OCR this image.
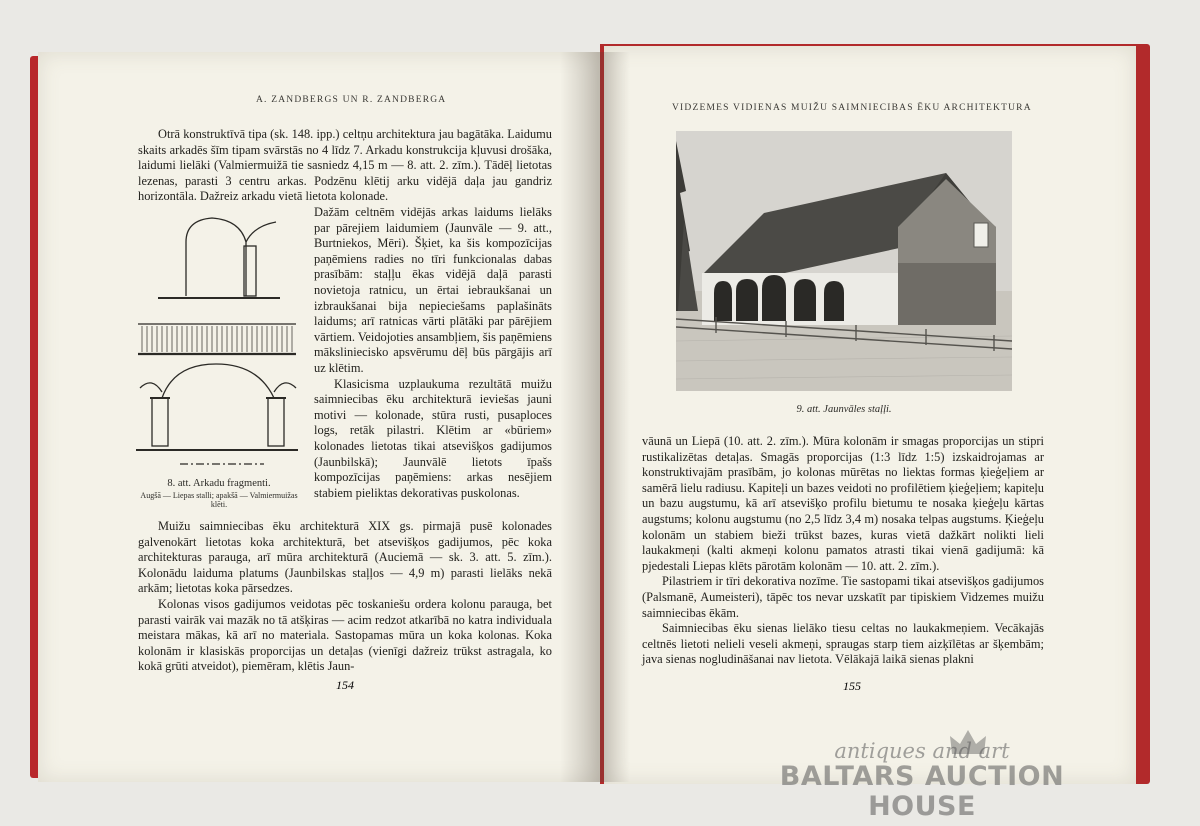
A. ZANDBERGS UN R. ZANDBERGA

Otrā konstruktīvā tipa (sk. 148. ipp.) celtņu architektura jau bagātāka. Laidumu skaits arkadēs šīm tipam svārstās no 4 līdz 7. Arkadu konstrukcija kļuvusi drošāka, laidumi lielāki (Valmiermuižā tie sasniedz 4,15 m — 8. att. 2. zīm.). Tādēļ lietotas lezenas, parasti 3 centru arkas. Podzēnu klētij arku vidējā daļa jau gandriz horizontāla. Dažreiz arkadu vietā lietota kolonade.

8. att. Arkadu fragmenti.
Augšā — Liepas stalli; apakšā — Valmiermuižas klēti.

Dažām celtnēm vidējās arkas laidums lielāks par pārejiem laidumiem (Jaunvāle — 9. att., Burtniekos, Mēri). Šķiet, ka šis kompozīcijas paņēmiens radies no tīri funkcionalas dabas prasībām: staļļu ēkas vidējā daļā parasti novietoja ratnicu, un ērtai iebraukšanai un izbraukšanai bija nepieciešams paplašināts laidums; arī ratnicas vārti plātāki par pārējiem vārtiem. Veidojoties ansambļiem, šis paņēmiens mākslinieciskо apsvērumu dēļ būs pārgājis arī uz klētim.

Klasicisma uzplaukuma rezultātā muižu saimniecibas ēku architekturā ieviešas jauni motivi — kolonade, stūra rusti, pusaploces logs, retāk pilastri. Klētim ar «būriem» kolonades lietotas tikai atsevišķos gadijumos (Jaunbilskā); Jaunvālē lietots īpašs kompozīcijas paņēmiens: arkas nesējiem stabiem pieliktas dekorativas puskolonas.

Muižu saimniecibas ēku architekturā XIX gs. pirmajā pusē kolonades galvenokārt lietotas koka architekturā, bet atsevišķos gadijumos, pēc koka architekturas parauga, arī mūra architekturā (Auciemā — sk. 3. att. 5. zīm.). Kolonādu laiduma platums (Jaunbilskas staļļos — 4,9 m) parasti lielāks nekā arkām; lietotas koka pārsedzes.

Kolonas visos gadijumos veidotas pēc toskaniešu ordera kolonu parauga, bet parasti vairāk vai mazāk no tā atšķiras — acim redzot atkarībā no katra individuala meistara mākas, kā arī no materiala. Sastopamas mūra un koka kolonas. Koka kolonām ir klasiskās proporcijas un detaļas (vienīgi dažreiz trūkst astragala, ko kokā grūti atveidot), piemēram, klētis Jaun-

154
VIDZEMES VIDIENAS MUIŽU SAIMNIECIBAS ĒKU ARCHITEKTURA
9. att. Jaunvāles staļļi.

vāunā un Liepā (10. att. 2. zīm.). Mūra kolonām ir smagas proporcijas un stipri rustikalizētas detaļas. Smagās proporcijas (1:3 līdz 1:5) izskaidrojamas ar konstruktivajām prasībām, jo kolonas mūrētas no liektas formas ķieģeļiem ar samērā lielu radiusu. Kapiteļi un bazes veidoti no profilētiem ķieģeļiem; kapiteļu un bazu augstumu, kā arī atsevišķo profilu bietumu te nosaka ķieģeļu kārtas augstums; kolonu augstumu (no 2,5 līdz 3,4 m) nosaka telpas augstums. Ķieģeļu kolonām un stabiem bieži trūkst bazes, kuras vietā dažkārt nolikti lieli laukakmeņi (kalti akmeņi kolonu pamatos atrasti tikai vienā gadijumā: kā pjedestali Liepas klēts pārotām kolonām — 10. att. 2. zīm.).

Pilastriem ir tīri dekorativa nozīme. Tie sastopami tikai atsevišķos gadijumos (Palsmanē, Aumeisteri), tāpēc tos nevar uzskatīt par tipiskiem Vidzemes muižu saimniecibas ēkām.

Saimniecibas ēku sienas lielāko tiesu celtas no laukakmeņiem. Vecākajās celtnēs lietoti nelieli veseli akmeņi, spraugas starp tiem aizķīlētas ar šķembām; java sienas nogludināšanai nav lietota. Vēlākajā laikā sienas plakni

155
antiques and art
BALTARS AUCTION HOUSE
